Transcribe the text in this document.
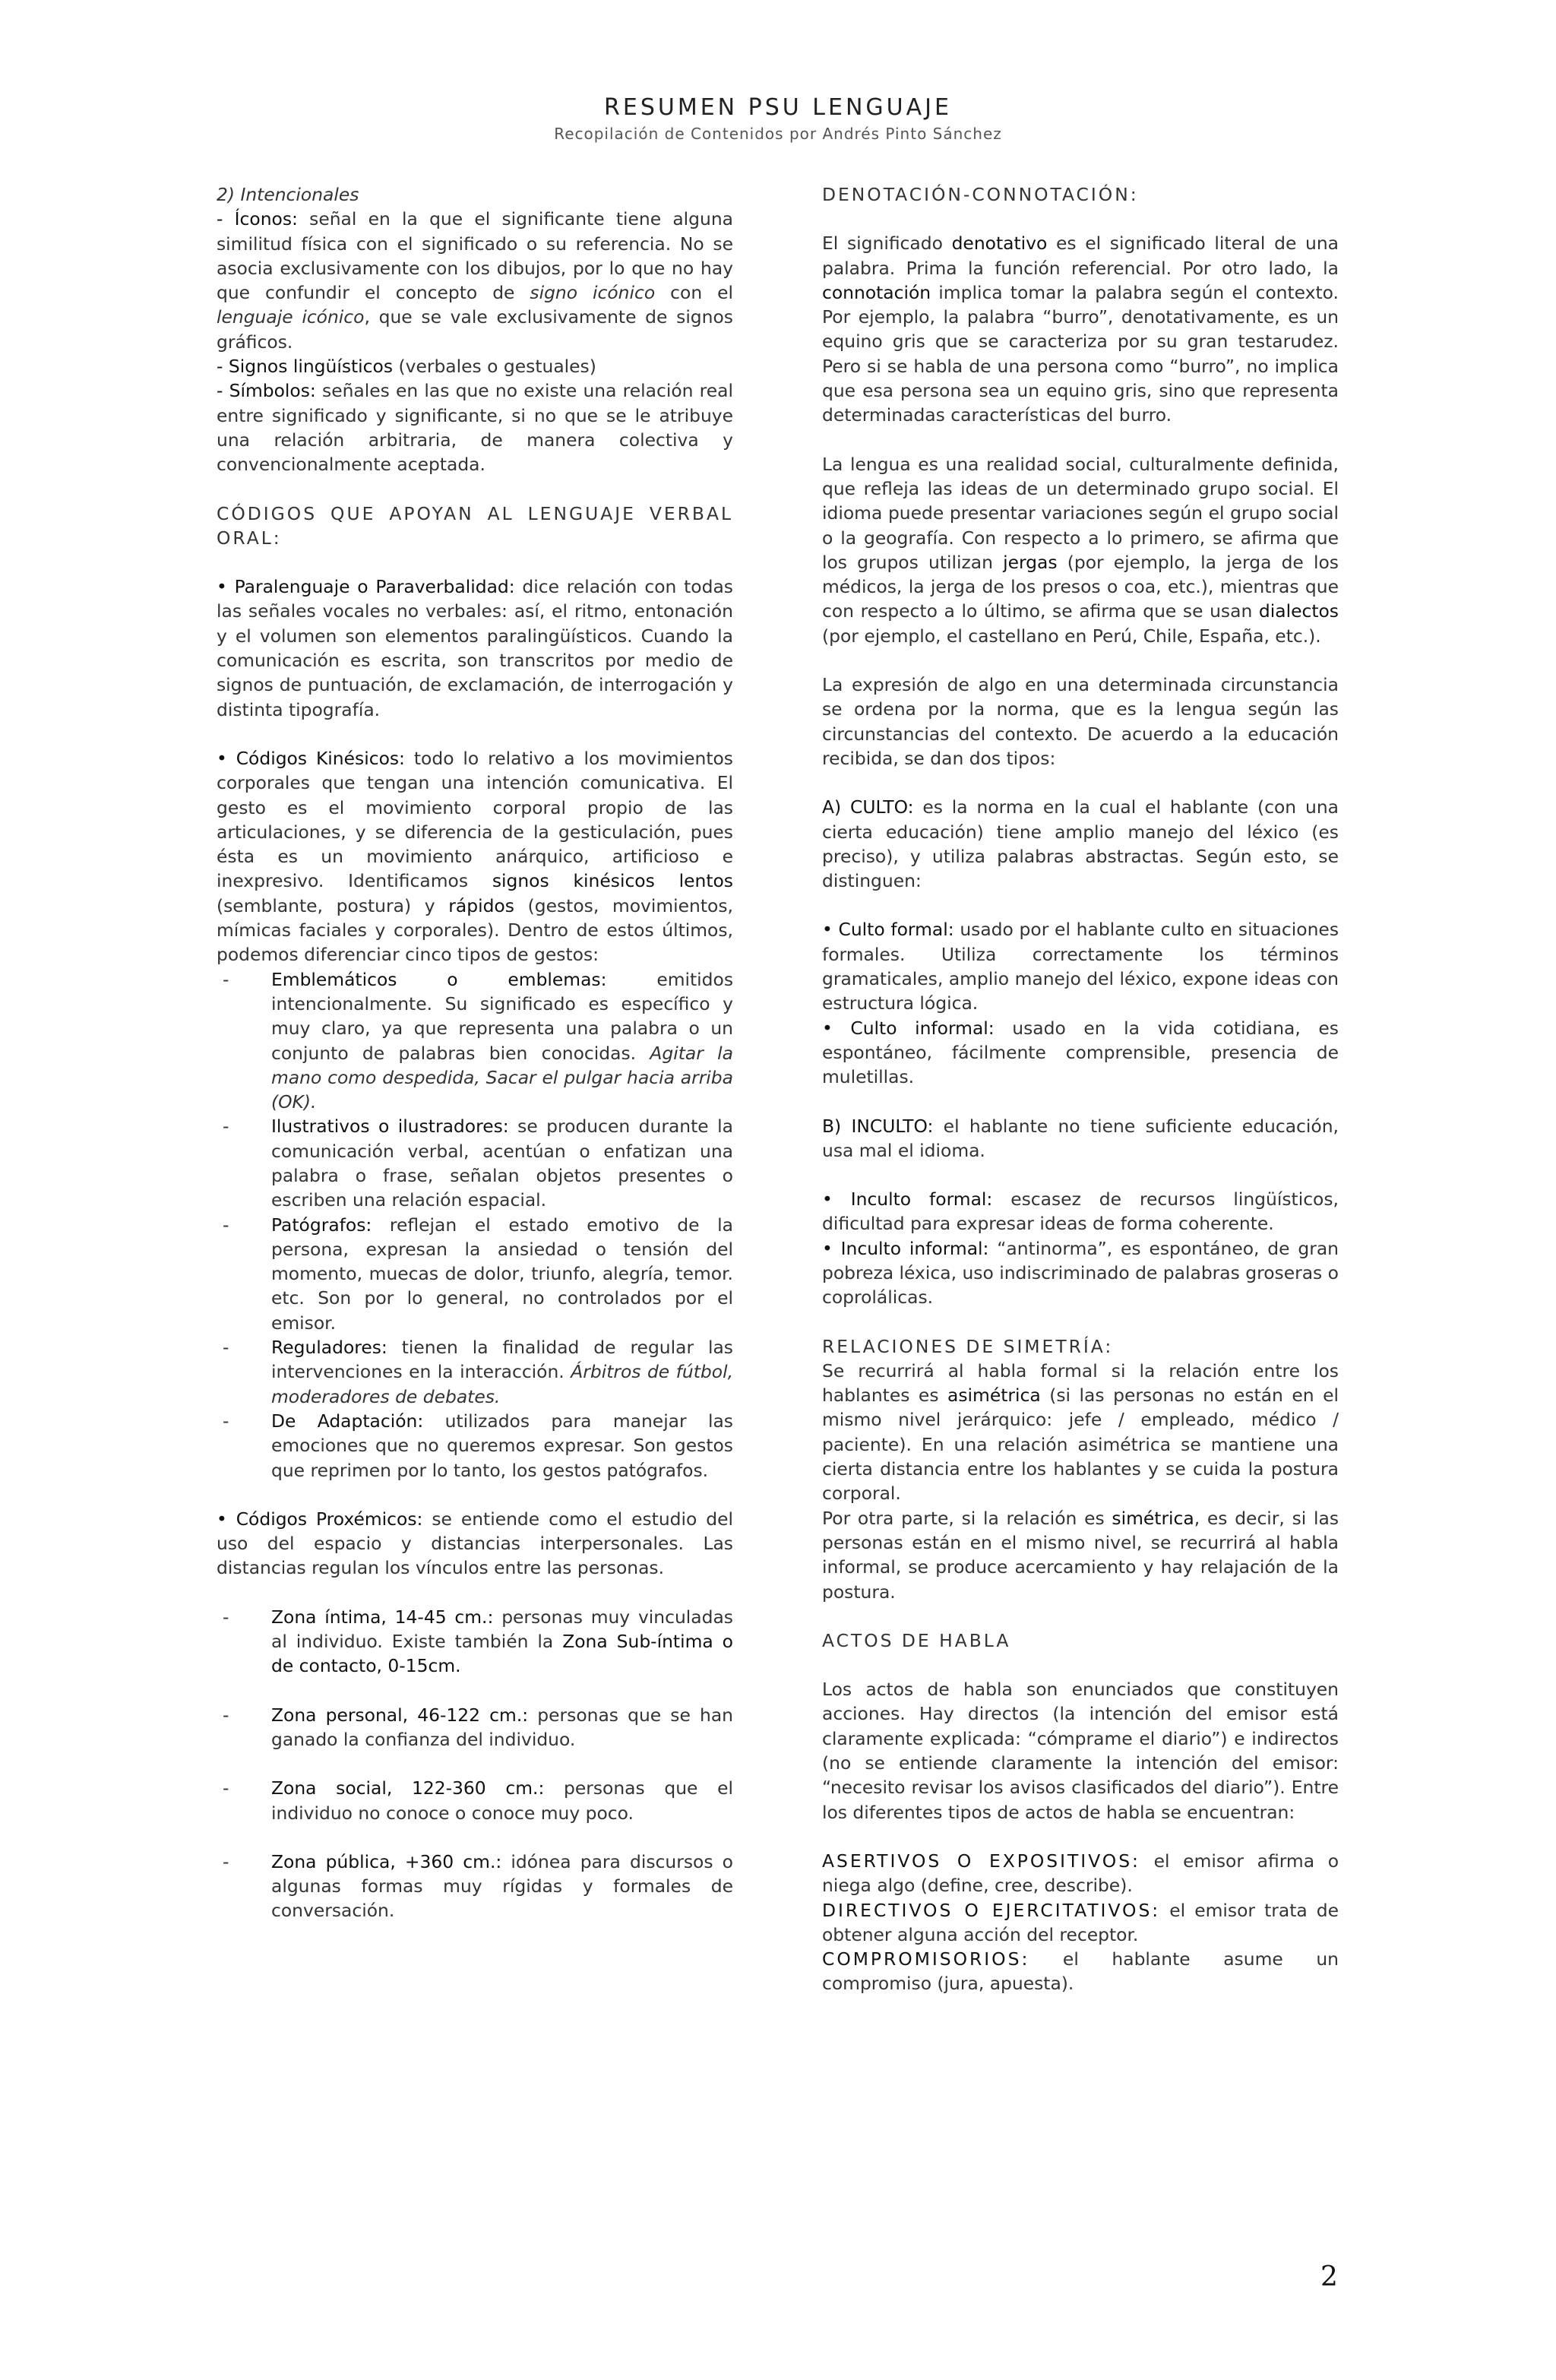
RESUMEN PSU LENGUAJE
Recopilación de Contenidos por Andrés Pinto Sánchez

2) Intencionales

- Íconos: señal en la que el significante tiene alguna similitud física con el significado o su referencia. No se asocia exclusivamente con los dibujos, por lo que no hay que confundir el concepto de signo icónico con el lenguaje icónico, que se vale exclusivamente de signos gráficos.

- Signos lingüísticos (verbales o gestuales)

- Símbolos: señales en las que no existe una relación real entre significado y significante, si no que se le atribuye una relación arbitraria, de manera colectiva y convencionalmente aceptada.

CÓDIGOS QUE APOYAN AL LENGUAJE VERBAL ORAL:

• Paralenguaje o Paraverbalidad: dice relación con todas las señales vocales no verbales: así, el ritmo, entonación y el volumen son elementos paralingüísticos. Cuando la comunicación es escrita, son transcritos por medio de signos de puntuación, de exclamación, de interrogación y distinta tipografía.

• Códigos Kinésicos: todo lo relativo a los movimientos corporales que tengan una intención comunicativa. El gesto es el movimiento corporal propio de las articulaciones, y se diferencia de la gesticulación, pues ésta es un movimiento anárquico, artificioso e inexpresivo. Identificamos signos kinésicos lentos (semblante, postura) y rápidos (gestos, movimientos, mímicas faciales y corporales). Dentro de estos últimos, podemos diferenciar cinco tipos de gestos:

- Emblemáticos o emblemas: emitidos intencionalmente. Su significado es específico y muy claro, ya que representa una palabra o un conjunto de palabras bien conocidas. Agitar la mano como despedida, Sacar el pulgar hacia arriba (OK).

- Ilustrativos o ilustradores: se producen durante la comunicación verbal, acentúan o enfatizan una palabra o frase, señalan objetos presentes o escriben una relación espacial.

- Patógrafos: reflejan el estado emotivo de la persona, expresan la ansiedad o tensión del momento, muecas de dolor, triunfo, alegría, temor. etc. Son por lo general, no controlados por el emisor.

- Reguladores: tienen la finalidad de regular las intervenciones en la interacción. Árbitros de fútbol, moderadores de debates.

- De Adaptación: utilizados para manejar las emociones que no queremos expresar. Son gestos que reprimen por lo tanto, los gestos patógrafos.

• Códigos Proxémicos: se entiende como el estudio del uso del espacio y distancias interpersonales. Las distancias regulan los vínculos entre las personas.

- Zona íntima, 14-45 cm.: personas muy vinculadas al individuo. Existe también la Zona Sub-íntima o de contacto, 0-15cm.

- Zona personal, 46-122 cm.: personas que se han ganado la confianza del individuo.

- Zona social, 122-360 cm.: personas que el individuo no conoce o conoce muy poco.

- Zona pública, +360 cm.: idónea para discursos o algunas formas muy rígidas y formales de conversación.

DENOTACIÓN-CONNOTACIÓN:

El significado denotativo es el significado literal de una palabra. Prima la función referencial. Por otro lado, la connotación implica tomar la palabra según el contexto. Por ejemplo, la palabra “burro”, denotativamente, es un equino gris que se caracteriza por su gran testarudez. Pero si se habla de una persona como “burro”, no implica que esa persona sea un equino gris, sino que representa determinadas características del burro.

La lengua es una realidad social, culturalmente definida, que refleja las ideas de un determinado grupo social. El idioma puede presentar variaciones según el grupo social o la geografía. Con respecto a lo primero, se afirma que los grupos utilizan jergas (por ejemplo, la jerga de los médicos, la jerga de los presos o coa, etc.), mientras que con respecto a lo último, se afirma que se usan dialectos (por ejemplo, el castellano en Perú, Chile, España, etc.).

La expresión de algo en una determinada circunstancia se ordena por la norma, que es la lengua según las circunstancias del contexto. De acuerdo a la educación recibida, se dan dos tipos:

A) CULTO: es la norma en la cual el hablante (con una cierta educación) tiene amplio manejo del léxico (es preciso), y utiliza palabras abstractas. Según esto, se distinguen:

• Culto formal: usado por el hablante culto en situaciones formales. Utiliza correctamente los términos gramaticales, amplio manejo del léxico, expone ideas con estructura lógica.

• Culto informal: usado en la vida cotidiana, es espontáneo, fácilmente comprensible, presencia de muletillas.

B) INCULTO: el hablante no tiene suficiente educación, usa mal el idioma.

• Inculto formal: escasez de recursos lingüísticos, dificultad para expresar ideas de forma coherente.

• Inculto informal: “antinorma”, es espontáneo, de gran pobreza léxica, uso indiscriminado de palabras groseras o coprolálicas.

RELACIONES DE SIMETRÍA:

Se recurrirá al habla formal si la relación entre los hablantes es asimétrica (si las personas no están en el mismo nivel jerárquico: jefe / empleado, médico / paciente). En una relación asimétrica se mantiene una cierta distancia entre los hablantes y se cuida la postura corporal.

Por otra parte, si la relación es simétrica, es decir, si las personas están en el mismo nivel, se recurrirá al habla informal, se produce acercamiento y hay relajación de la postura.

ACTOS DE HABLA

Los actos de habla son enunciados que constituyen acciones. Hay directos (la intención del emisor está claramente explicada: “cómprame el diario”) e indirectos (no se entiende claramente la intención del emisor: “necesito revisar los avisos clasificados del diario”). Entre los diferentes tipos de actos de habla se encuentran:

ASERTIVOS O EXPOSITIVOS: el emisor afirma o niega algo (define, cree, describe).

DIRECTIVOS O EJERCITATIVOS: el emisor trata de obtener alguna acción del receptor.

COMPROMISORIOS: el hablante asume un compromiso (jura, apuesta).

2
